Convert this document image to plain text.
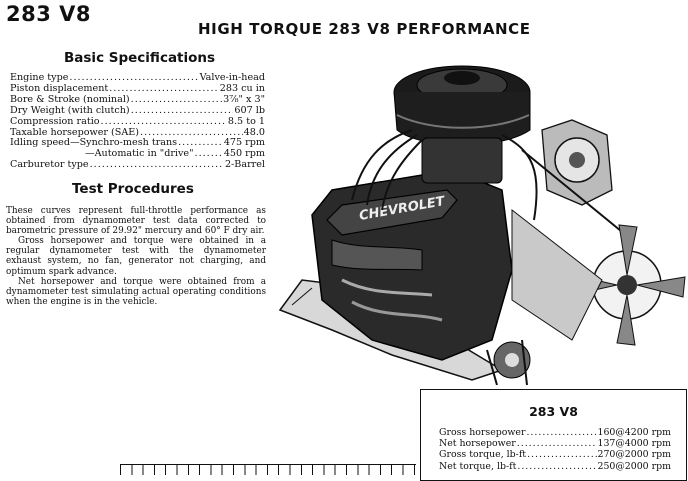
283 V8
HIGH TORQUE 283 V8 PERFORMANCE
Basic Specifications
Engine type .....	Valve-in-head
Piston displacement .....	283 cu in
Bore & Stroke (nominal) .....	3⅞" x 3"
Dry Weight (with clutch) .....	607 lb
Compression ratio .....	8.5 to 1
Taxable horsepower (SAE) .....	48.0
Idling speed—Synchro-mesh trans .....	475 rpm
—Automatic in "drive" .....	450 rpm
Carburetor type .....	2-Barrel
Test Procedures

These curves represent full-throttle performance as obtained from dynamometer test data corrected to barometric pressure of 29.92" mercury and 60° F dry air.

Gross horsepower and torque were obtained in a regular dynamometer test with the dynamometer exhaust system, no fan, generator not charging, and optimum spark advance.

Net horsepower and torque were obtained from a dynamometer test simulating actual operating conditions when the engine is in the vehicle.

CHEVROLET
283 V8
Gross horsepower .....	160 @ 4200 rpm
Net horsepower .....	137 @ 4000 rpm
Gross torque, lb-ft .....	270 @ 2000 rpm
Net torque, lb-ft .....	250 @ 2000 rpm
